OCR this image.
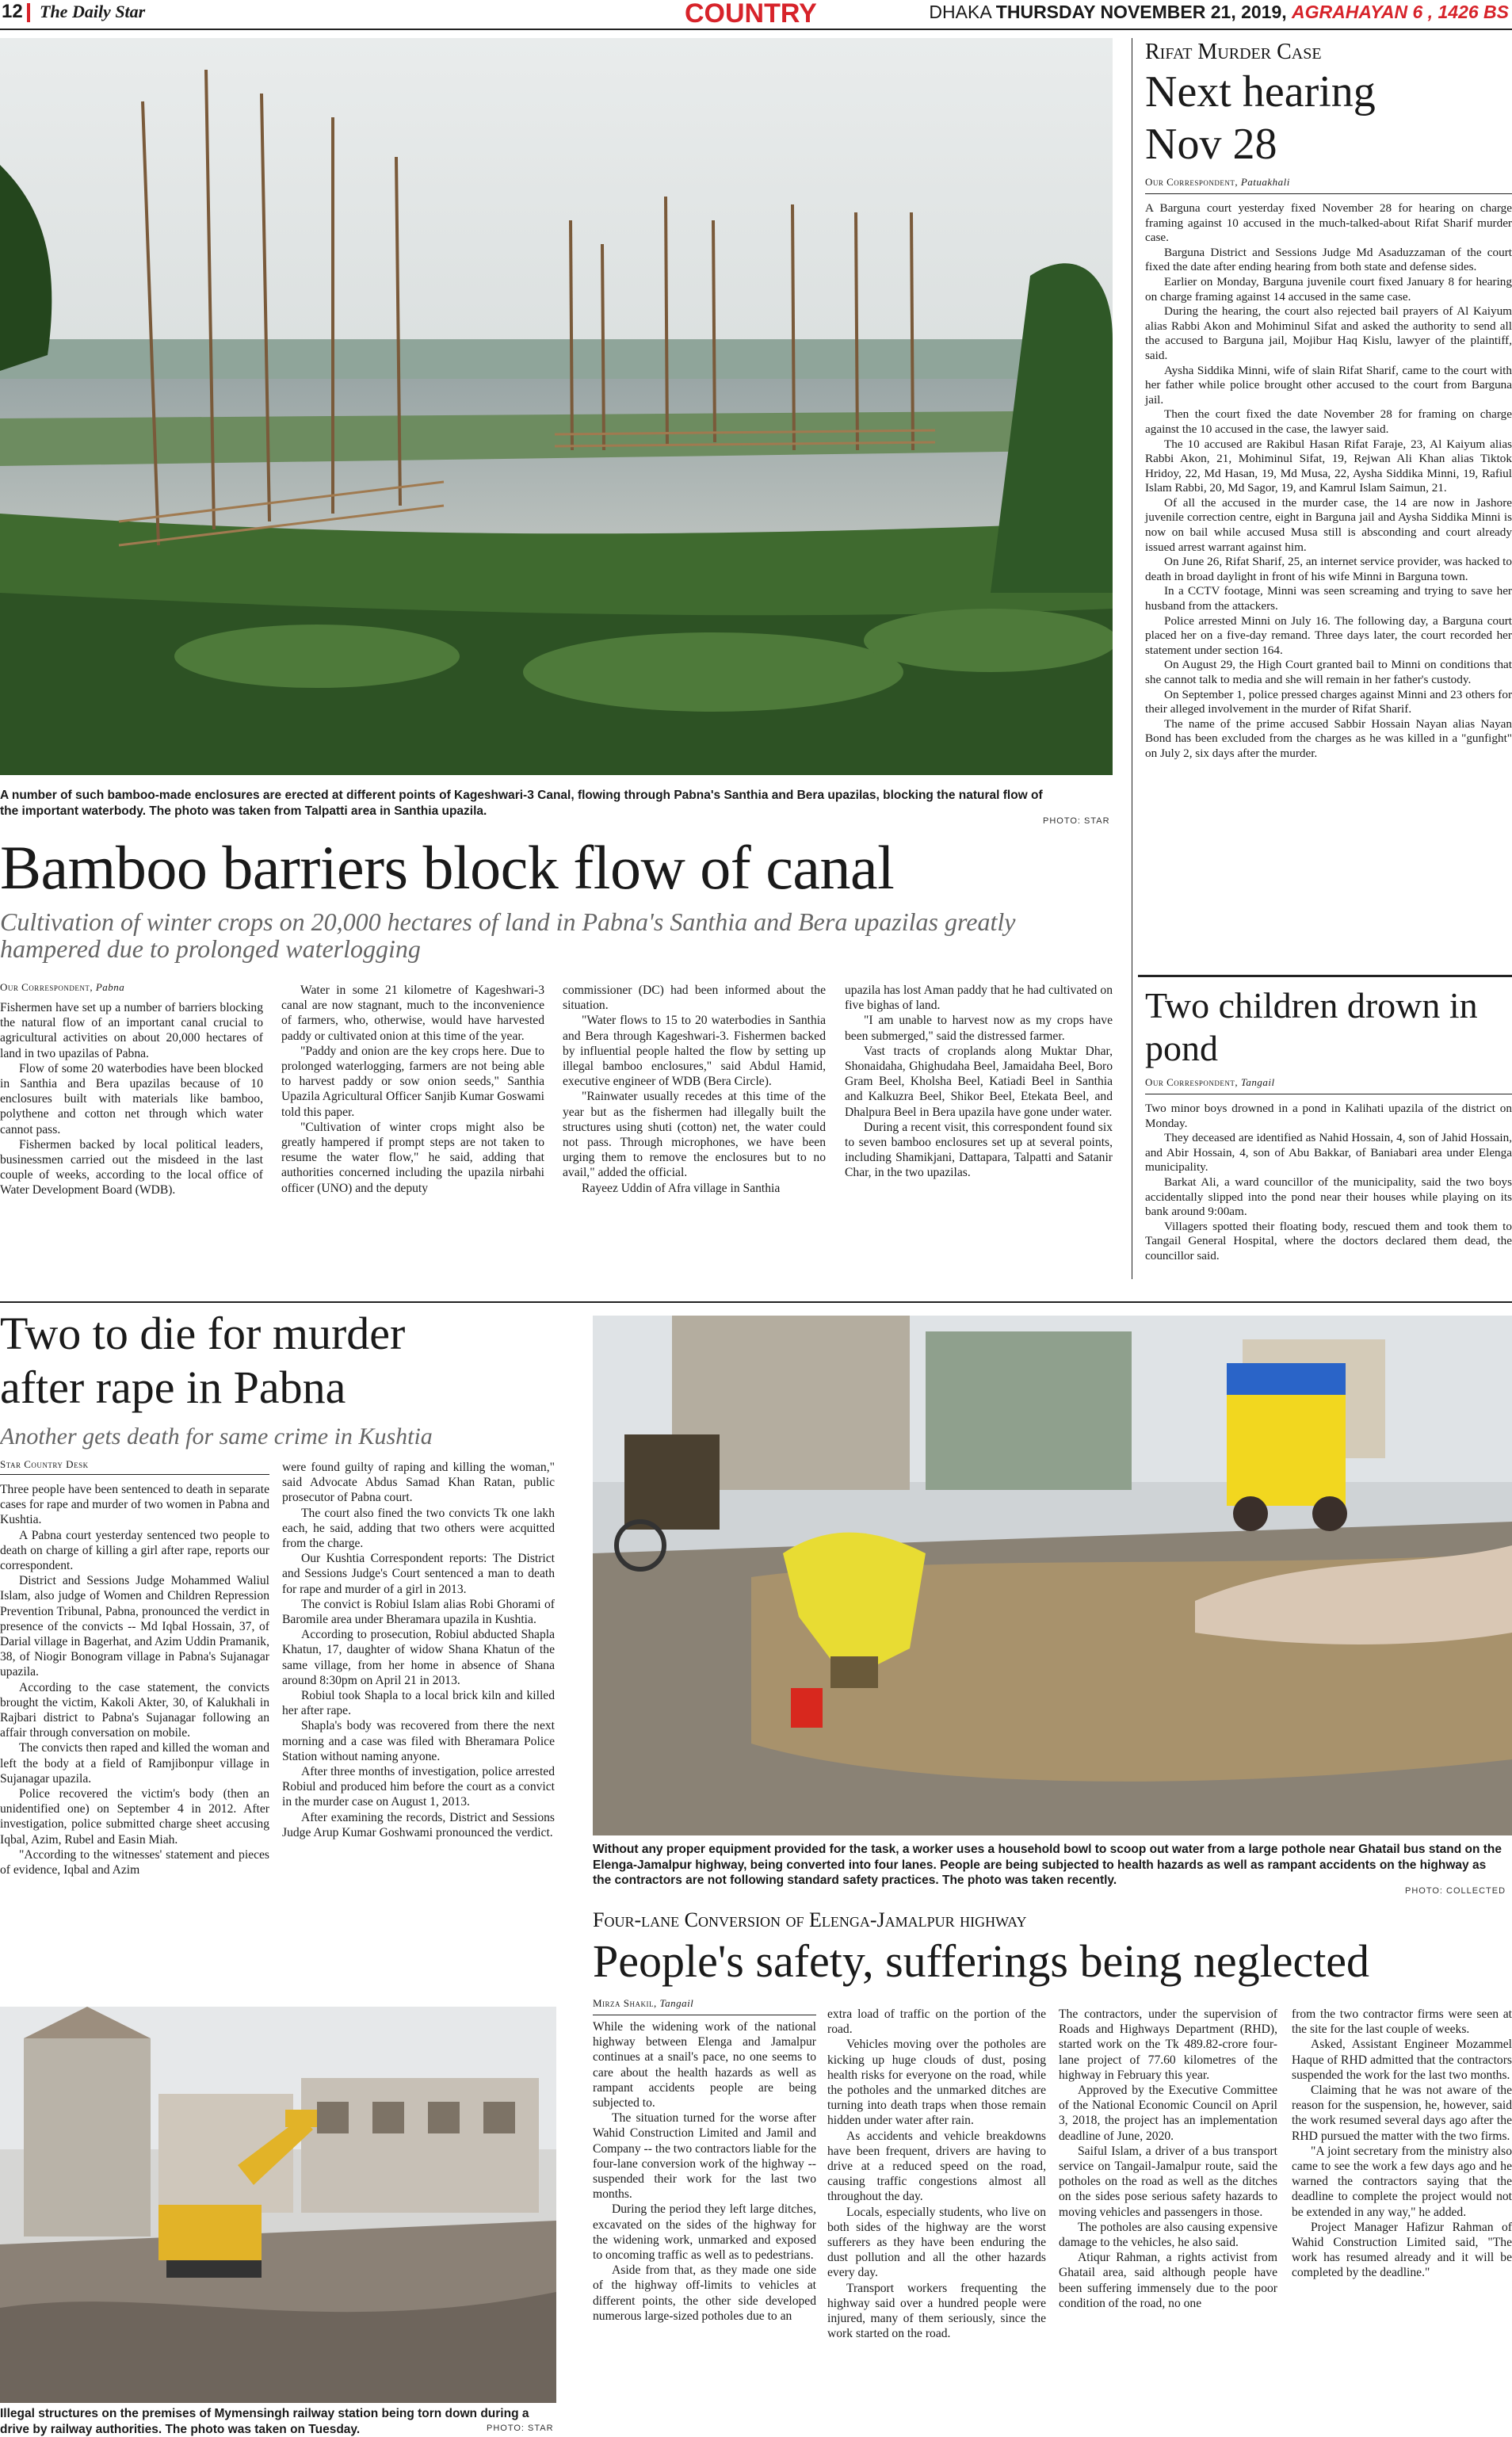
12 The Daily Star	COUNTRY	DHAKA THURSDAY NOVEMBER 21, 2019, AGRAHAYAN 6 , 1426 BS
A number of such bamboo-made enclosures are erected at different points of Kageshwari-3 Canal, flowing through Pabna's Santhia and Bera upazilas, blocking the natural flow of the important waterbody. The photo was taken from Talpatti area in Santhia upazila.
PHOTO: STAR
Bamboo barriers block flow of canal
Cultivation of winter crops on 20,000 hectares of land in Pabna's Santhia and Bera upazilas greatly hampered due to prolonged waterlogging
Our Correspondent, Pabna

Fishermen have set up a number of barriers blocking the natural flow of an important canal crucial to agricultural activities on about 20,000 hectares of land in two upazilas of Pabna.

Flow of some 20 waterbodies have been blocked in Santhia and Bera upazilas because of 10 enclosures built with materials like bamboo, polythene and cotton net through which water cannot pass.

Fishermen backed by local political leaders, businessmen carried out the misdeed in the last couple of weeks, according to the local office of Water Development Board (WDB).

Water in some 21 kilometre of Kageshwari-3 canal are now stagnant, much to the inconvenience of farmers, who, otherwise, would have harvested paddy or cultivated onion at this time of the year.

"Paddy and onion are the key crops here. Due to prolonged waterlogging, farmers are not being able to harvest paddy or sow onion seeds," Santhia Upazila Agricultural Officer Sanjib Kumar Goswami told this paper.

"Cultivation of winter crops might also be greatly hampered if prompt steps are not taken to resume the water flow," he said, adding that authorities concerned including the upazila nirbahi officer (UNO) and the deputy

commissioner (DC) had been informed about the situation.

"Water flows to 15 to 20 waterbodies in Santhia and Bera through Kageshwari-3. Fishermen backed by influential people halted the flow by setting up illegal bamboo enclosures," said Abdul Hamid, executive engineer of WDB (Bera Circle).

"Rainwater usually recedes at this time of the year but as the fishermen had illegally built the structures using shuti (cotton) net, the water could not pass. Through microphones, we have been urging them to remove the enclosures but to no avail," added the official.

Rayeez Uddin of Afra village in Santhia

upazila has lost Aman paddy that he had cultivated on five bighas of land.

"I am unable to harvest now as my crops have been submerged," said the distressed farmer.

Vast tracts of croplands along Muktar Dhar, Shonaidaha, Ghighudaha Beel, Jamaidaha Beel, Boro Gram Beel, Kholsha Beel, Katiadi Beel in Santhia and Kalkuzra Beel, Shikor Beel, Etekata Beel, and Dhalpura Beel in Bera upazila have gone under water.

During a recent visit, this correspondent found six to seven bamboo enclosures set up at several points, including Shamikjani, Dattapara, Talpatti and Satanir Char, in the two upazilas.

Rifat Murder Case
Next hearing
Nov 28
Our Correspondent, Patuakhali

A Barguna court yesterday fixed November 28 for hearing on charge framing against 10 accused in the much-talked-about Rifat Sharif murder case.

Barguna District and Sessions Judge Md Asaduzzaman of the court fixed the date after ending hearing from both state and defense sides.

Earlier on Monday, Barguna juvenile court fixed January 8 for hearing on charge framing against 14 accused in the same case.

During the hearing, the court also rejected bail prayers of Al Kaiyum alias Rabbi Akon and Mohiminul Sifat and asked the authority to send all the accused to Barguna jail, Mojibur Haq Kislu, lawyer of the plaintiff, said.

Aysha Siddika Minni, wife of slain Rifat Sharif, came to the court with her father while police brought other accused to the court from Barguna jail.

Then the court fixed the date November 28 for framing on charge against the 10 accused in the case, the lawyer said.

The 10 accused are Rakibul Hasan Rifat Faraje, 23, Al Kaiyum alias Rabbi Akon, 21, Mohiminul Sifat, 19, Rejwan Ali Khan alias Tiktok Hridoy, 22, Md Hasan, 19, Md Musa, 22, Aysha Siddika Minni, 19, Rafiul Islam Rabbi, 20, Md Sagor, 19, and Kamrul Islam Saimun, 21.

Of all the accused in the murder case, the 14 are now in Jashore juvenile correction centre, eight in Barguna jail and Aysha Siddika Minni is now on bail while accused Musa still is absconding and court already issued arrest warrant against him.

On June 26, Rifat Sharif, 25, an internet service provider, was hacked to death in broad daylight in front of his wife Minni in Barguna town.

In a CCTV footage, Minni was seen screaming and trying to save her husband from the attackers.

Police arrested Minni on July 16. The following day, a Barguna court placed her on a five-day remand. Three days later, the court recorded her statement under section 164.

On August 29, the High Court granted bail to Minni on conditions that she cannot talk to media and she will remain in her father's custody.

On September 1, police pressed charges against Minni and 23 others for their alleged involvement in the murder of Rifat Sharif.

The name of the prime accused Sabbir Hossain Nayan alias Nayan Bond has been excluded from the charges as he was killed in a "gunfight" on July 2, six days after the murder.

Two children drown in pond
Our Correspondent, Tangail

Two minor boys drowned in a pond in Kalihati upazila of the district on Monday.

They deceased are identified as Nahid Hossain, 4, son of Jahid Hossain, and Abir Hossain, 4, son of Abu Bakkar, of Baniabari area under Elenga municipality.

Barkat Ali, a ward councillor of the municipality, said the two boys accidentally slipped into the pond near their houses while playing on its bank around 9:00am.

Villagers spotted their floating body, rescued them and took them to Tangail General Hospital, where the doctors declared them dead, the councillor said.

Two to die for murder
after rape in Pabna
Another gets death for same crime in Kushtia
Star Country Desk

Three people have been sentenced to death in separate cases for rape and murder of two women in Pabna and Kushtia.

A Pabna court yesterday sentenced two people to death on charge of killing a girl after rape, reports our correspondent.

District and Sessions Judge Mohammed Waliul Islam, also judge of Women and Children Repression Prevention Tribunal, Pabna, pronounced the verdict in presence of the convicts -- Md Iqbal Hossain, 37, of Darial village in Bagerhat, and Azim Uddin Pramanik, 38, of Niogir Bonogram village in Pabna's Sujanagar upazila.

According to the case statement, the convicts brought the victim, Kakoli Akter, 30, of Kalukhali in Rajbari district to Pabna's Sujanagar following an affair through conversation on mobile.

The convicts then raped and killed the woman and left the body at a field of Ramjibonpur village in Sujanagar upazila.

Police recovered the victim's body (then an unidentified one) on September 4 in 2012. After investigation, police submitted charge sheet accusing Iqbal, Azim, Rubel and Easin Miah.

"According to the witnesses' statement and pieces of evidence, Iqbal and Azim

were found guilty of raping and killing the woman," said Advocate Abdus Samad Khan Ratan, public prosecutor of Pabna court.

The court also fined the two convicts Tk one lakh each, he said, adding that two others were acquitted from the charge.

Our Kushtia Correspondent reports: The District and Sessions Judge's Court sentenced a man to death for rape and murder of a girl in 2013.

The convict is Robiul Islam alias Robi Ghorami of Baromile area under Bheramara upazila in Kushtia.

According to prosecution, Robiul abducted Shapla Khatun, 17, daughter of widow Shana Khatun of the same village, from her home in absence of Shana around 8:30pm on April 21 in 2013.

Robiul took Shapla to a local brick kiln and killed her after rape.

Shapla's body was recovered from there the next morning and a case was filed with Bheramara Police Station without naming anyone.

After three months of investigation, police arrested Robiul and produced him before the court as a convict in the murder case on August 1, 2013.

After examining the records, District and Sessions Judge Arup Kumar Goshwami pronounced the verdict.

Illegal structures on the premises of Mymensingh railway station being torn down during a drive by railway authorities. The photo was taken on Tuesday.	PHOTO: STAR
Without any proper equipment provided for the task, a worker uses a household bowl to scoop out water from a large pothole near Ghatail bus stand on the Elenga-Jamalpur highway, being converted into four lanes. People are being subjected to health hazards as well as rampant accidents on the highway as the contractors are not following standard safety practices. The photo was taken recently.
PHOTO: COLLECTED
Four-lane Conversion of Elenga-Jamalpur highway
People's safety, sufferings being neglected
Mirza Shakil, Tangail

While the widening work of the national highway between Elenga and Jamalpur continues at a snail's pace, no one seems to care about the health hazards as well as rampant accidents people are being subjected to.

The situation turned for the worse after Wahid Construction Limited and Jamil and Company -- the two contractors liable for the four-lane conversion work of the highway -- suspended their work for the last two months.

During the period they left large ditches, excavated on the sides of the highway for the widening work, unmarked and exposed to oncoming traffic as well as to pedestrians.

Aside from that, as they made one side of the highway off-limits to vehicles at different points, the other side developed numerous large-sized potholes due to an

extra load of traffic on the portion of the road.

Vehicles moving over the potholes are kicking up huge clouds of dust, posing health risks for everyone on the road, while the potholes and the unmarked ditches are turning into death traps when those remain hidden under water after rain.

As accidents and vehicle breakdowns have been frequent, drivers are having to drive at a reduced speed on the road, causing traffic congestions almost all throughout the day.

Locals, especially students, who live on both sides of the highway are the worst sufferers as they have been enduring the dust pollution and all the other hazards every day.

Transport workers frequenting the highway said over a hundred people were injured, many of them seriously, since the work started on the road.

The contractors, under the supervision of Roads and Highways Department (RHD), started work on the Tk 489.82-crore four-lane project of 77.60 kilometres of the highway in February this year.

Approved by the Executive Committee of the National Economic Council on April 3, 2018, the project has an implementation deadline of June, 2020.

Saiful Islam, a driver of a bus transport service on Tangail-Jamalpur route, said the potholes on the road as well as the ditches on the sides pose serious safety hazards to moving vehicles and passengers in those.

The potholes are also causing expensive damage to the vehicles, he also said.

Atiqur Rahman, a rights activist from Ghatail area, said although people have been suffering immensely due to the poor condition of the road, no one

from the two contractor firms were seen at the site for the last couple of weeks.

Asked, Assistant Engineer Mozammel Haque of RHD admitted that the contractors suspended the work for the last two months.

Claiming that he was not aware of the reason for the suspension, he, however, said the work resumed several days ago after the RHD pursued the matter with the two firms.

"A joint secretary from the ministry also came to see the work a few days ago and he warned the contractors saying that the deadline to complete the project would not be extended in any way," he added.

Project Manager Hafizur Rahman of Wahid Construction Limited said, "The work has resumed already and it will be completed by the deadline."
